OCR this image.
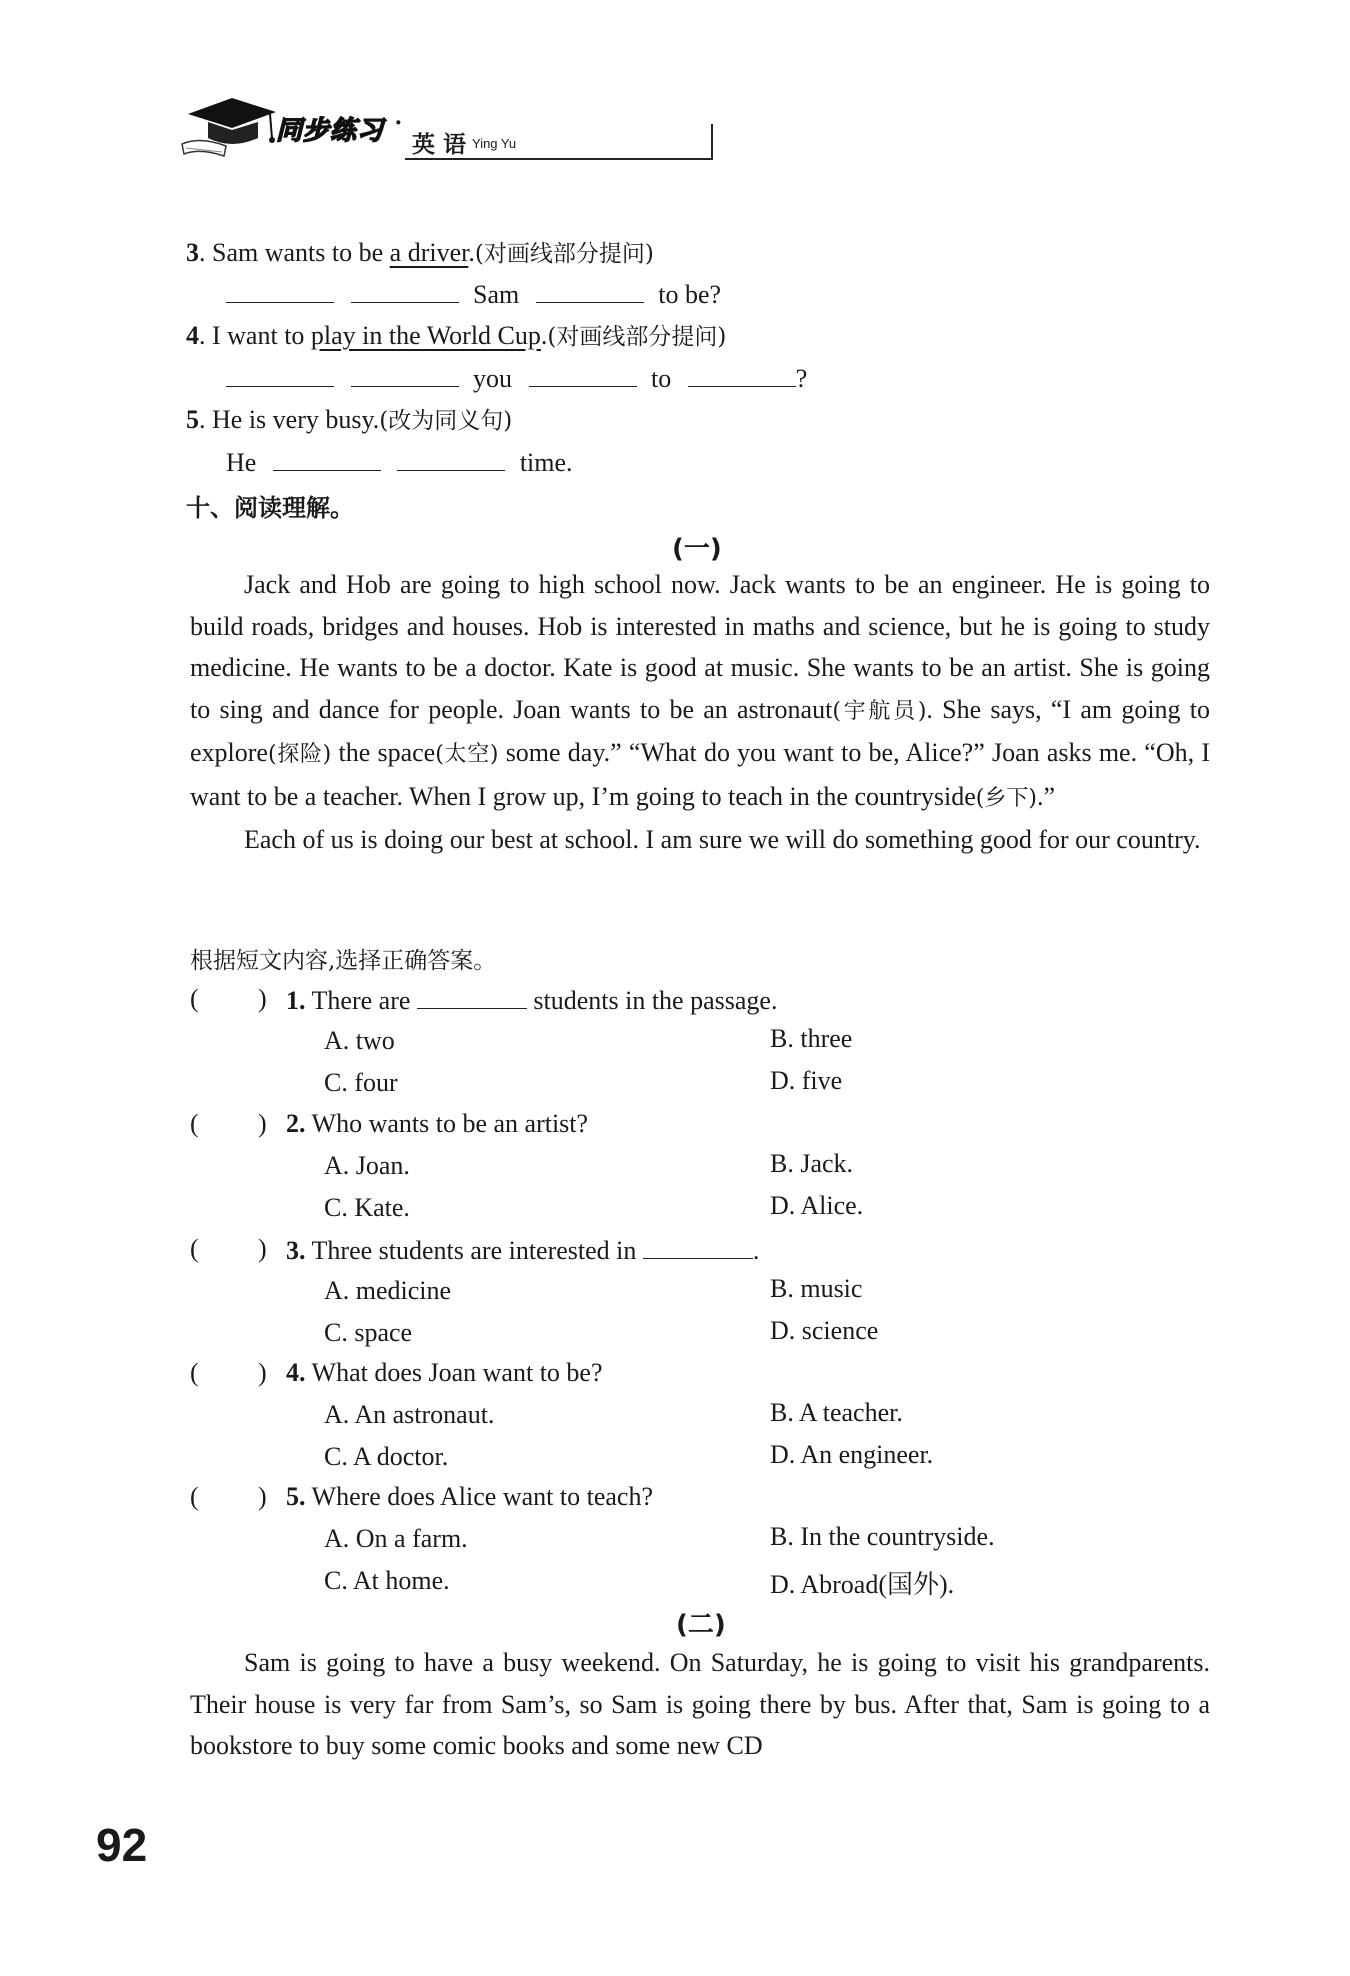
同步练习 ·
英 语 Ying Yu
3. Sam wants to be a driver.(对画线部分提问)
Sam	to be?
4. I want to play in the World Cup.(对画线部分提问)
you	to	?
5. He is very busy.(改为同义句)
He	time.
十、阅读理解。
(一)

Jack and Hob are going to high school now. Jack wants to be an engineer. He is going to build roads, bridges and houses. Hob is interested in maths and science, but he is going to study medicine. He wants to be a doctor. Kate is good at music. She wants to be an artist. She is going to sing and dance for people. Joan wants to be an astronaut(宇航员). She says, “I am going to explore(探险) the space(太空) some day.” “What do you want to be, Alice?” Joan asks me. “Oh, I want to be a teacher. When I grow up, I’m going to teach in the countryside(乡下).”

Each of us is doing our best at school. I am sure we will do something good for our country.

根据短文内容,选择正确答案。
( ) 1. There are	students in the passage.
A. two	B. three
C. four	D. five
( ) 2. Who wants to be an artist?
A. Joan.	B. Jack.
C. Kate.	D. Alice.
( ) 3. Three students are interested in	.
A. medicine	B. music
C. space	D. science
( ) 4. What does Joan want to be?
A. An astronaut.	B. A teacher.
C. A doctor.	D. An engineer.
( ) 5. Where does Alice want to teach?
A. On a farm.	B. In the countryside.
C. At home.	D. Abroad(国外).
(二)

Sam is going to have a busy weekend. On Saturday, he is going to visit his grandparents. Their house is very far from Sam’s, so Sam is going there by bus. After that, Sam is going to a bookstore to buy some comic books and some new CD

92
